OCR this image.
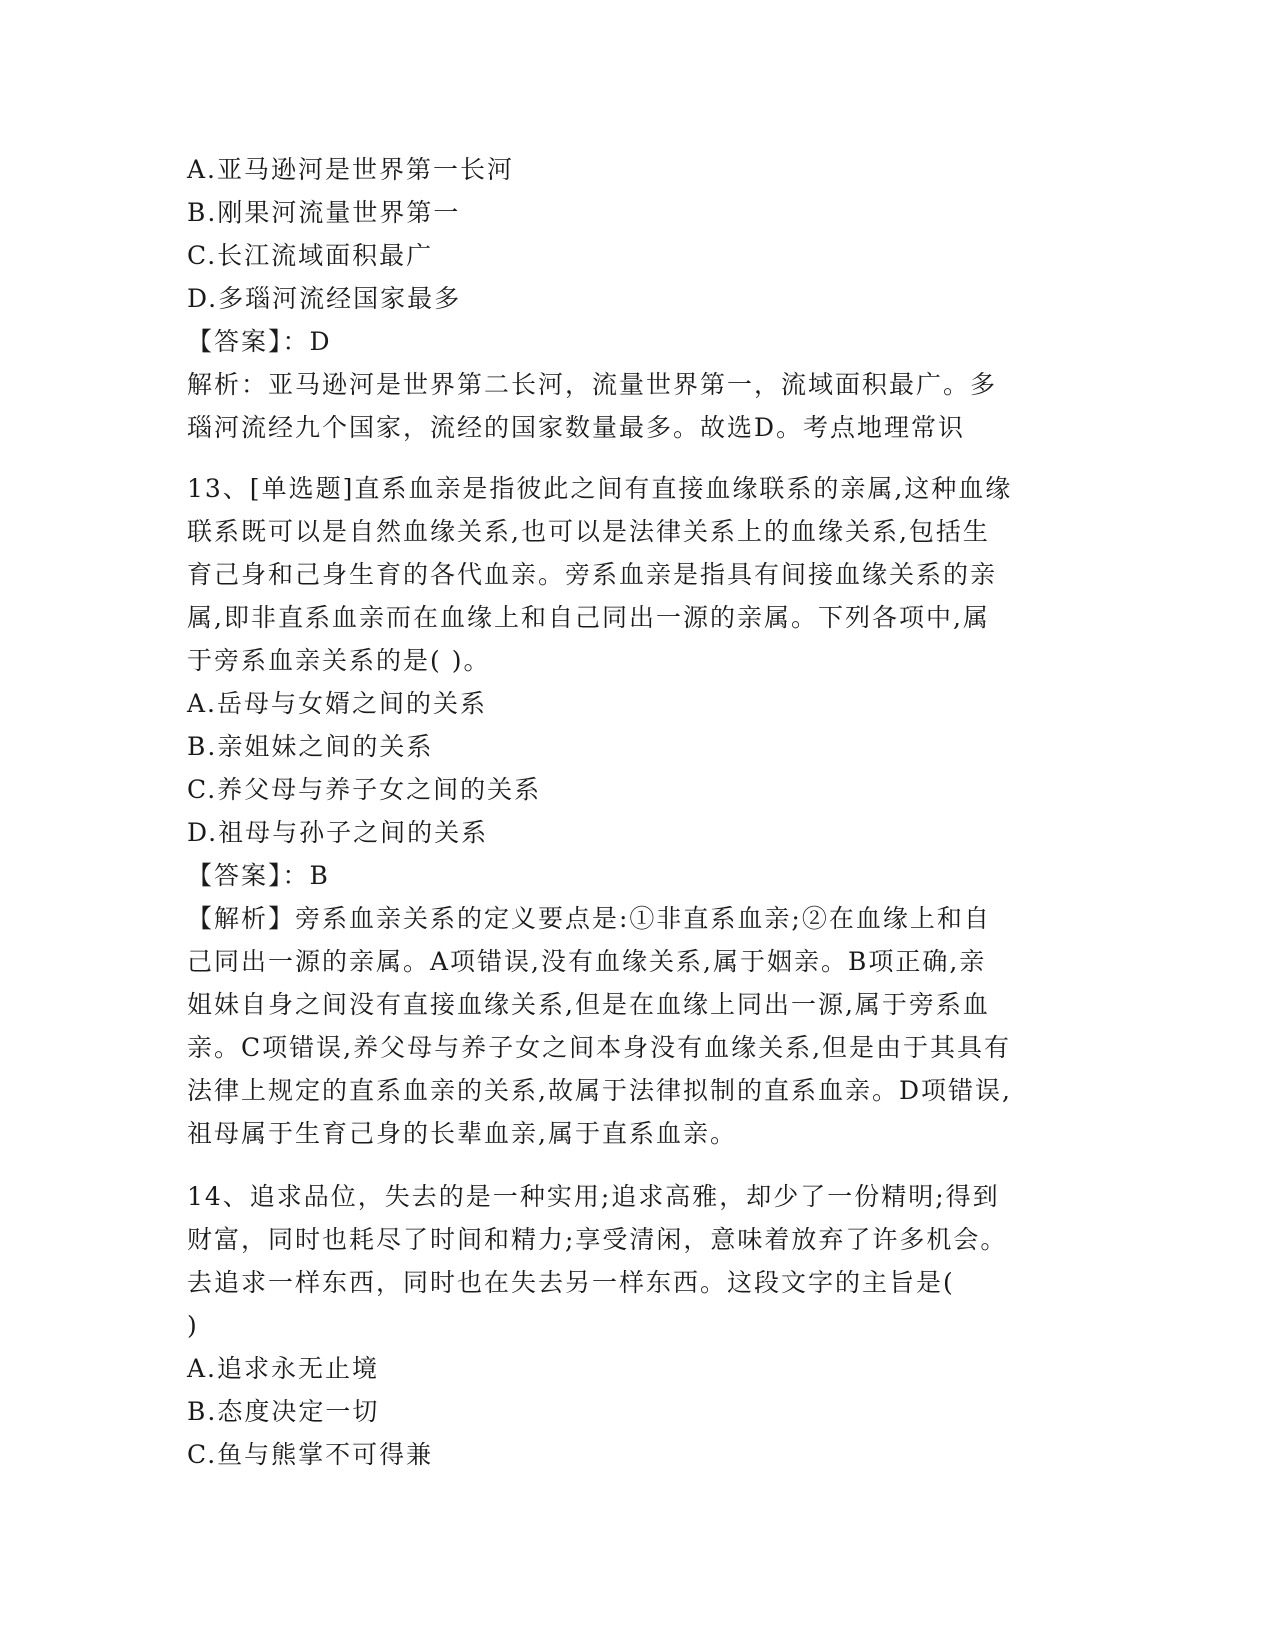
A.亚马逊河是世界第一长河
B.刚果河流量世界第一
C.长江流域面积最广
D.多瑙河流经国家最多
【答案】：D
解析：亚马逊河是世界第二长河，流量世界第一，流域面积最广。多
瑙河流经九个国家，流经的国家数量最多。故选D。考点地理常识
13、[单选题]直系血亲是指彼此之间有直接血缘联系的亲属,这种血缘
联系既可以是自然血缘关系,也可以是法律关系上的血缘关系,包括生
育己身和己身生育的各代血亲。旁系血亲是指具有间接血缘关系的亲
属,即非直系血亲而在血缘上和自己同出一源的亲属。下列各项中,属
于旁系血亲关系的是( )。
A.岳母与女婿之间的关系
B.亲姐妹之间的关系
C.养父母与养子女之间的关系
D.祖母与孙子之间的关系
【答案】：B
【解析】旁系血亲关系的定义要点是:①非直系血亲;②在血缘上和自
己同出一源的亲属。A项错误,没有血缘关系,属于姻亲。B项正确,亲
姐妹自身之间没有直接血缘关系,但是在血缘上同出一源,属于旁系血
亲。C项错误,养父母与养子女之间本身没有血缘关系,但是由于其具有
法律上规定的直系血亲的关系,故属于法律拟制的直系血亲。D项错误,
祖母属于生育己身的长辈血亲,属于直系血亲。
14、追求品位，失去的是一种实用;追求高雅，却少了一份精明;得到
财富，同时也耗尽了时间和精力;享受清闲，意味着放弃了许多机会。
去追求一样东西，同时也在失去另一样东西。这段文字的主旨是(
)
A.追求永无止境
B.态度决定一切
C.鱼与熊掌不可得兼
